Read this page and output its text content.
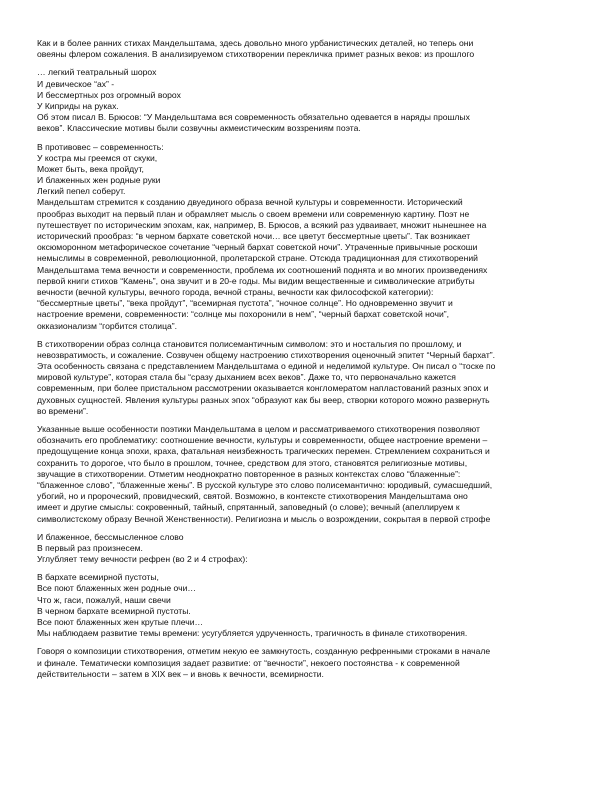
Как и в более ранних стихах Мандельштама, здесь довольно много урбанистических деталей, но теперь они
овеяны флером сожаления. В анализируемом стихотворении перекличка примет разных веков: из прошлого
… легкий театральный шорох
И девическое “ах” -
И бессмертных роз огромный ворох
У Киприды на руках.
Об этом писал В. Брюсов: “У Мандельштама вся современность обязательно одевается в наряды прошлых
веков”. Классические мотивы были созвучны акмеистическим воззрениям поэта.
В противовес – современность:
У костра мы греемся от скуки,
Может быть, века пройдут,
И блаженных жен родные руки
Легкий пепел соберут.
Мандельштам стремится к созданию двуединого образа вечной культуры и современности. Исторический
прообраз выходит на первый план и обрамляет мысль о своем времени или современную картину. Поэт не
путешествует по историческим эпохам, как, например, В. Брюсов, а всякий раз удваивает, множит нынешнее на
исторический прообраз: “в черном бархате советской ночи… все цветут бессмертные цветы”. Так возникает
оксюморонном метафорическое сочетание “черный бархат советской ночи”. Утраченные привычные роскоши
немыслимы в современной, революционной, пролетарской стране. Отсюда традиционная для стихотворений
Мандельштама тема вечности и современности, проблема их соотношений поднята и во многих произведениях
первой книги стихов “Камень”, она звучит и в 20-е годы. Мы видим вещественные и символические атрибуты
вечности (вечной культуры, вечного города, вечной страны, вечности как философской категории):
“бессмертные цветы”, “века пройдут”, “всемирная пустота”, “ночное солнце”. Но одновременно звучит и
настроение времени, современности: “солнце мы похоронили в нем”, “черный бархат советской ночи”,
окказионализм “горбится столица”.
В стихотворении образ солнца становится полисемантичным символом: это и ностальгия по прошлому, и
невозвратимость, и сожаление. Созвучен общему настроению стихотворения оценочный эпитет “Черный бархат”.
Эта особенность связана с представлением Мандельштама о единой и неделимой культуре. Он писал о “тоске по
мировой культуре”, которая стала бы “сразу дыханием всех веков”. Даже то, что первоначально кажется
современным, при более пристальном рассмотрении оказывается конгломератом напластований разных эпох и
духовных сущностей. Явления культуры разных эпох “образуют как бы веер, створки которого можно развернуть
во времени”.
Указанные выше особенности поэтики Мандельштама в целом и рассматриваемого стихотворения позволяют
обозначить его проблематику: соотношение вечности, культуры и современности, общее настроение времени –
предощущение конца эпохи, краха, фатальная неизбежность трагических перемен. Стремлением сохраниться и
сохранить то дорогое, что было в прошлом, точнее, средством для этого, становятся религиозные мотивы,
звучащие в стихотворении. Отметим неоднократно повторенное в разных контекстах слово “блаженные”:
“блаженное слово”, “блаженные жены”. В русской культуре это слово полисемантично: юродивый, сумасшедший,
убогий, но и пророческий, провидческий, святой. Возможно, в контексте стихотворения Мандельштама оно
имеет и другие смыслы: сокровенный, тайный, спрятанный, заповедный (о слове); вечный (апеллируем к
символистскому образу Вечной Женственности). Религиозна и мысль о возрождении, сокрытая в первой строфе
И блаженное, бессмысленное слово
В первый раз произнесем.
Углубляет тему вечности рефрен (во 2 и 4 строфах):
В бархате всемирной пустоты,
Все поют блаженных жен родные очи…
Что ж, гаси, пожалуй, наши свечи
В черном бархате всемирной пустоты.
Все поют блаженных жен крутые плечи…
Мы наблюдаем развитие темы времени: усугубляется удрученность, трагичность в финале стихотворения.
Говоря о композиции стихотворения, отметим некую ее замкнутость, созданную рефренными строками в начале
и финале. Тематически композиция задает развитие: от “вечности”, некоего постоянства - к современной
действительности – затем в XIX век – и вновь к вечности, всемирности.
